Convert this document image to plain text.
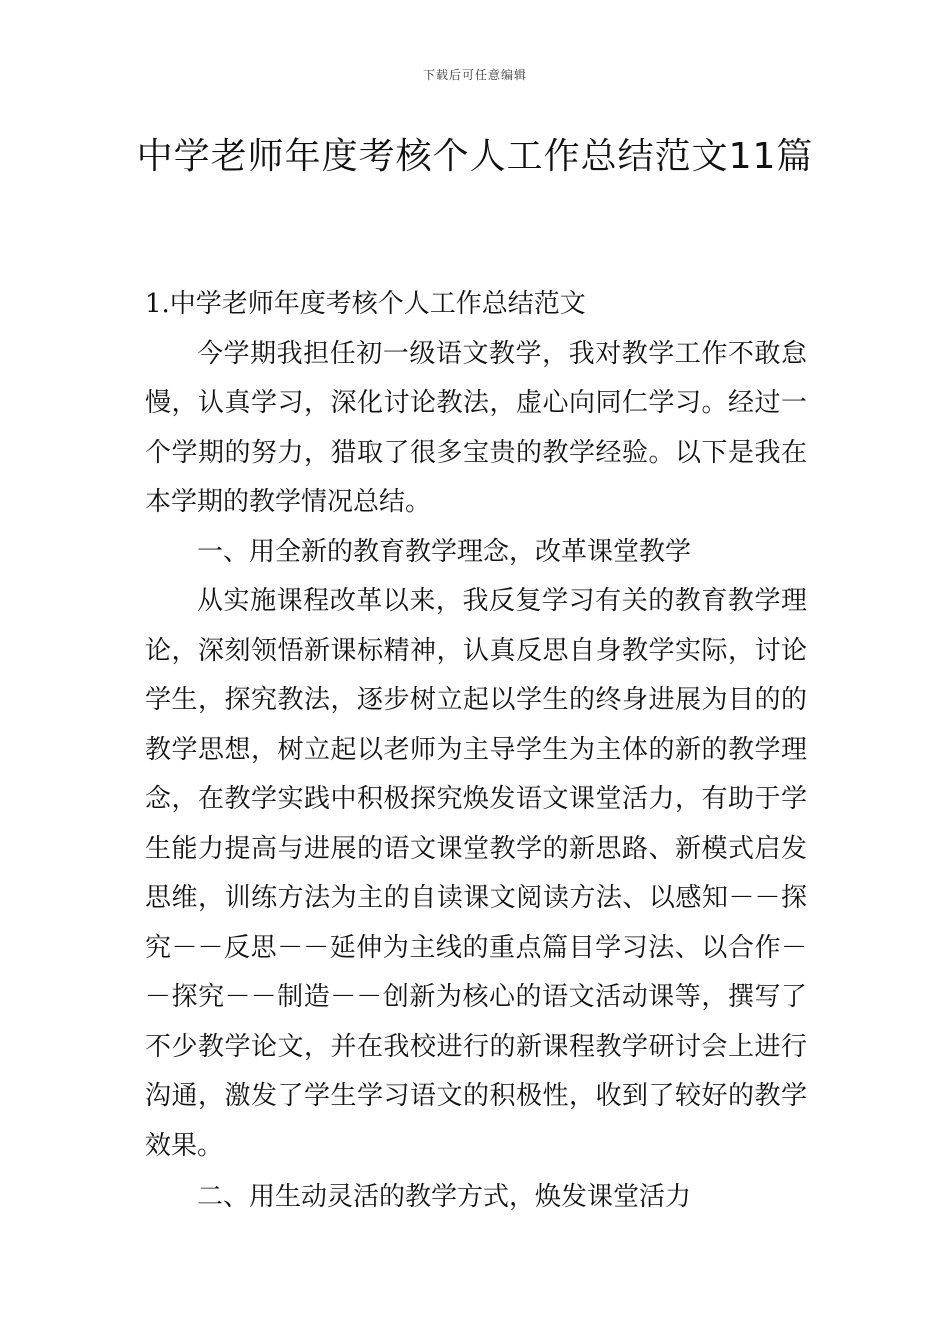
下载后可任意编辑
中学老师年度考核个人工作总结范文11篇

1.中学老师年度考核个人工作总结范文

今学期我担任初一级语文教学，我对教学工作不敢怠慢，认真学习，深化讨论教法，虚心向同仁学习。经过一个学期的努力，猎取了很多宝贵的教学经验。以下是我在本学期的教学情况总结。

一、用全新的教育教学理念，改革课堂教学

从实施课程改革以来，我反复学习有关的教育教学理论，深刻领悟新课标精神，认真反思自身教学实际，讨论学生，探究教法，逐步树立起以学生的终身进展为目的的教学思想，树立起以老师为主导学生为主体的新的教学理念，在教学实践中积极探究焕发语文课堂活力，有助于学生能力提高与进展的语文课堂教学的新思路、新模式启发思维，训练方法为主的自读课文阅读方法、以感知－－探究－－反思－－延伸为主线的重点篇目学习法、以合作－－探究－－制造－－创新为核心的语文活动课等，撰写了不少教学论文，并在我校进行的新课程教学研讨会上进行沟通，激发了学生学习语文的积极性，收到了较好的教学效果。

二、用生动灵活的教学方式，焕发课堂活力
